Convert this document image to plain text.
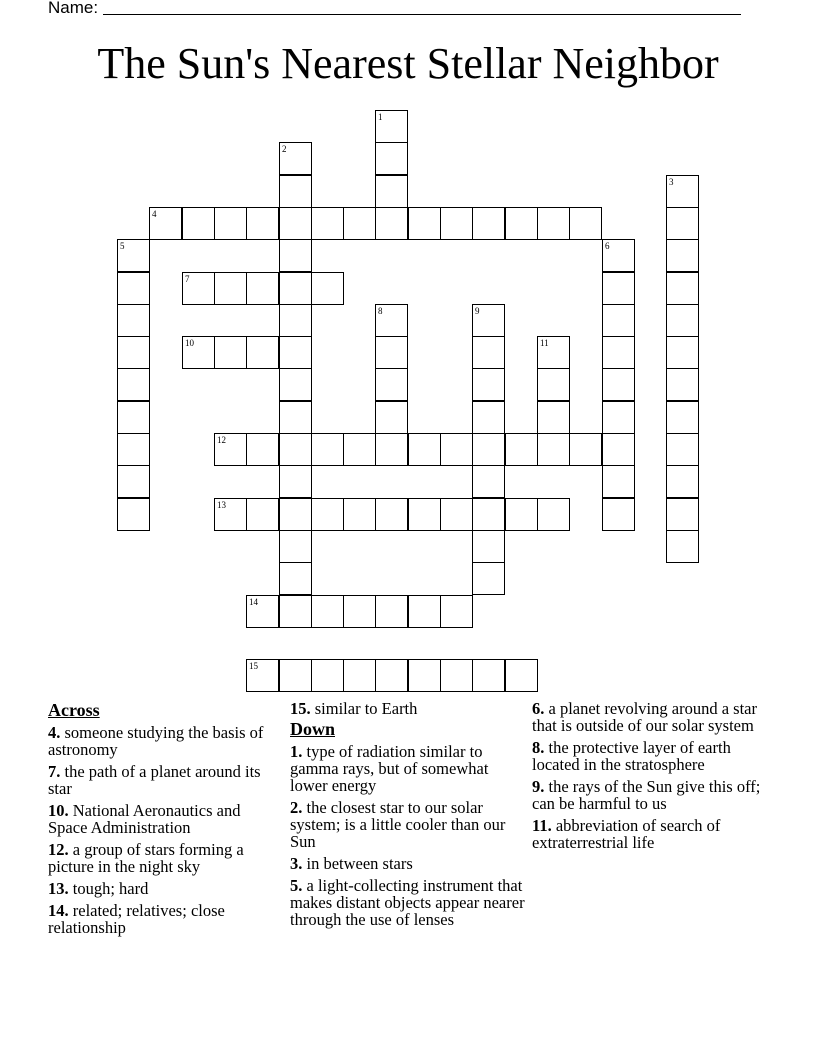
Name:
The Sun's Nearest Stellar Neighbor
1
2
3
4
5	6
7
8	9
10	11
12
13
14
15
Across
4. someone studying the basis of astronomy
7. the path of a planet around its star
10. National Aeronautics and Space Administration
12. a group of stars forming a picture in the night sky
13. tough; hard
14. related; relatives; close relationship
15. similar to Earth
Down
1. type of radiation similar to gamma rays, but of somewhat lower energy
2. the closest star to our solar system; is a little cooler than our Sun
3. in between stars
5. a light-collecting instrument that makes distant objects appear nearer through the use of lenses
6. a planet revolving around a star that is outside of our solar system
8. the protective layer of earth located in the stratosphere
9. the rays of the Sun give this off; can be harmful to us
11. abbreviation of search of extraterrestrial life
